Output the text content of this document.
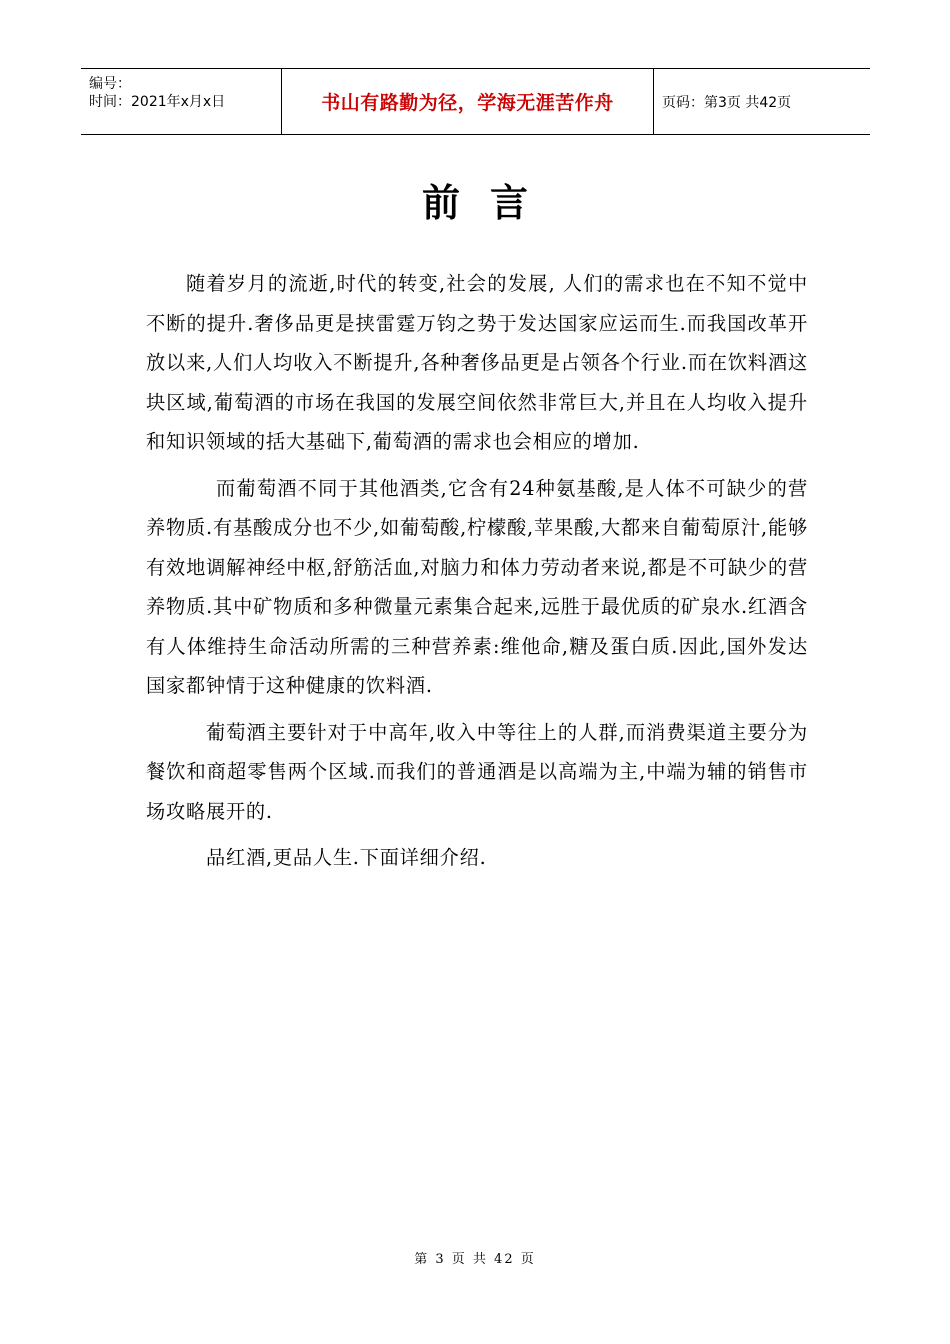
编号：
时间：2021年x月x日	书山有路勤为径，学海无涯苦作舟	页码：第3页 共42页
前言

随着岁月的流逝,时代的转变,社会的发展, 人们的需求也在不知不觉中不断的提升.奢侈品更是挟雷霆万钧之势于发达国家应运而生.而我国改革开放以来,人们人均收入不断提升,各种奢侈品更是占领各个行业.而在饮料酒这块区域,葡萄酒的市场在我国的发展空间依然非常巨大,并且在人均收入提升和知识领域的括大基础下,葡萄酒的需求也会相应的增加.

而葡萄酒不同于其他酒类,它含有24种氨基酸,是人体不可缺少的营养物质.有基酸成分也不少,如葡萄酸,柠檬酸,苹果酸,大都来自葡萄原汁,能够有效地调解神经中枢,舒筋活血,对脑力和体力劳动者来说,都是不可缺少的营养物质.其中矿物质和多种微量元素集合起来,远胜于最优质的矿泉水.红酒含有人体维持生命活动所需的三种营养素:维他命,糖及蛋白质.因此,国外发达国家都钟情于这种健康的饮料酒.

葡萄酒主要针对于中高年,收入中等往上的人群,而消费渠道主要分为餐饮和商超零售两个区域.而我们的普通酒是以高端为主,中端为辅的销售市场攻略展开的.

品红酒,更品人生.下面详细介绍.

第 3 页 共 42 页
